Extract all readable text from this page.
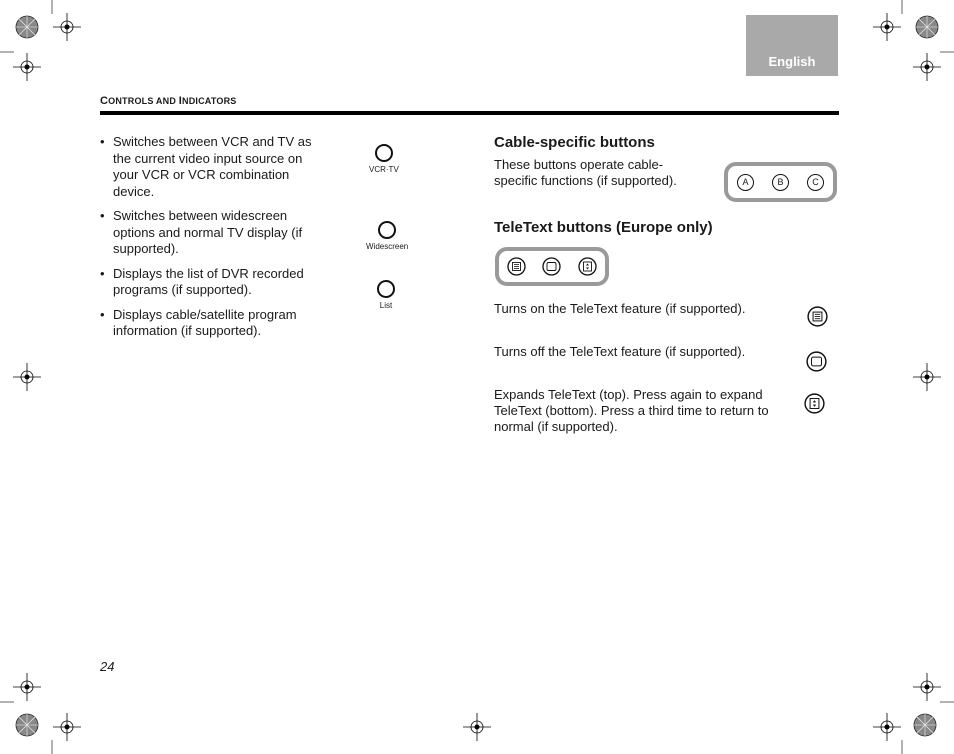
English
CONTROLS AND INDICATORS
• Switches between VCR and TV as the current video input source on your VCR or VCR combination device.
• Switches between widescreen options and normal TV display (if supported).
• Displays the list of DVR recorded programs (if supported).
• Displays cable/satellite program information (if supported).
VCR·TV
Widescreen
List
Cable-specific buttons

These buttons operate cable-specific functions (if supported).	A	B	C
TeleText buttons (Europe only)

Turns on the TeleText feature (if supported).

Turns off the TeleText feature (if supported).

Expands TeleText (top). Press again to expand TeleText (bottom). Press a third time to return to normal (if supported).

24
